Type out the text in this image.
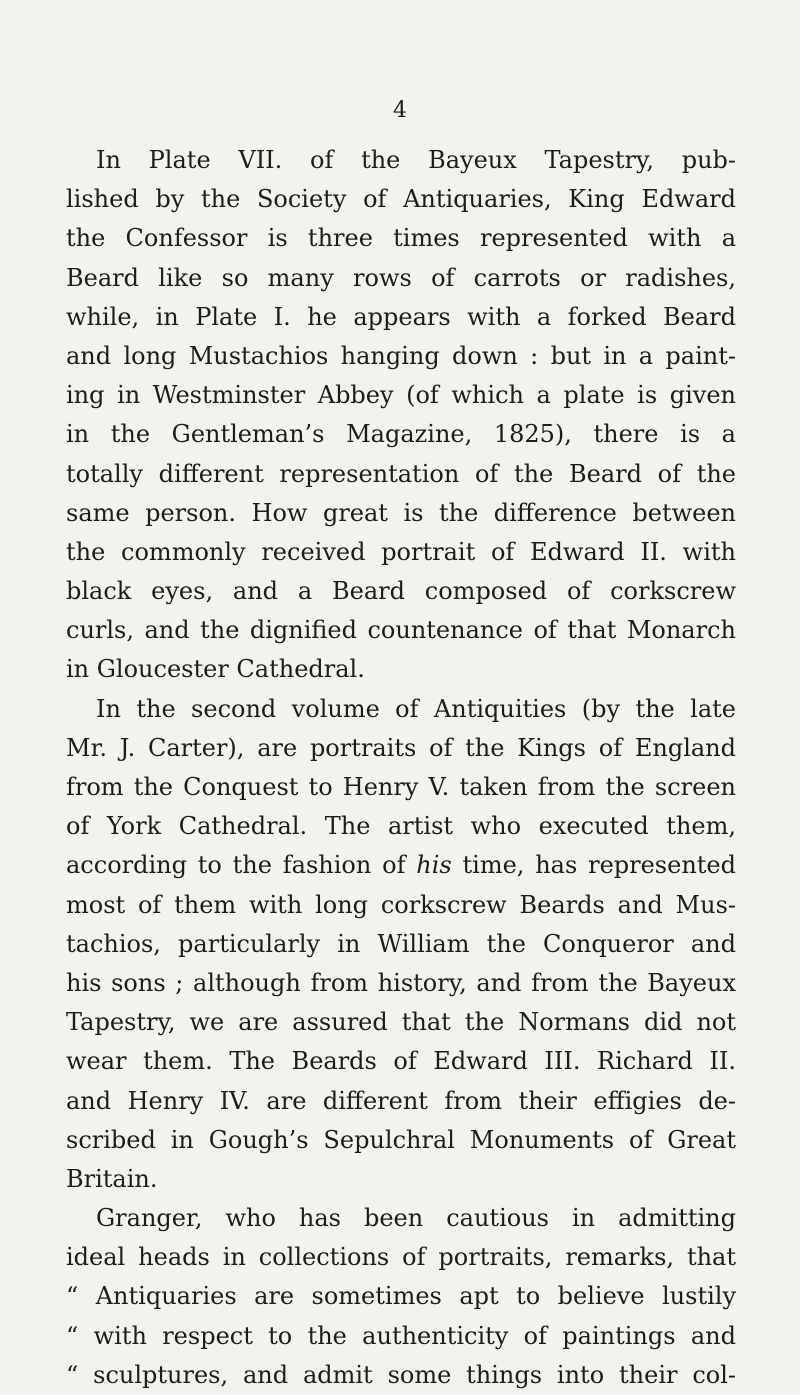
4
In Plate VII. of the Bayeux Tapestry, pub-
lished by the Society of Antiquaries, King Edward
the Confessor is three times represented with a
Beard like so many rows of carrots or radishes,
while, in Plate I. he appears with a forked Beard
and long Mustachios hanging down : but in a paint-
ing in Westminster Abbey (of which a plate is given
in the Gentleman’s Magazine, 1825), there is a
totally different representation of the Beard of the
same person. How great is the difference between
the commonly received portrait of Edward II. with
black eyes, and a Beard composed of corkscrew
curls, and the dignified countenance of that Monarch
in Gloucester Cathedral.
In the second volume of Antiquities (by the late
Mr. J. Carter), are portraits of the Kings of England
from the Conquest to Henry V. taken from the screen
of York Cathedral. The artist who executed them,
according to the fashion of his time, has represented
most of them with long corkscrew Beards and Mus-
tachios, particularly in William the Conqueror and
his sons ; although from history, and from the Bayeux
Tapestry, we are assured that the Normans did not
wear them. The Beards of Edward III. Richard II.
and Henry IV. are different from their effigies de-
scribed in Gough’s Sepulchral Monuments of Great
Britain.
Granger, who has been cautious in admitting
ideal heads in collections of portraits, remarks, that
“ Antiquaries are sometimes apt to believe lustily
“ with respect to the authenticity of paintings and
“ sculptures, and admit some things into their col-
